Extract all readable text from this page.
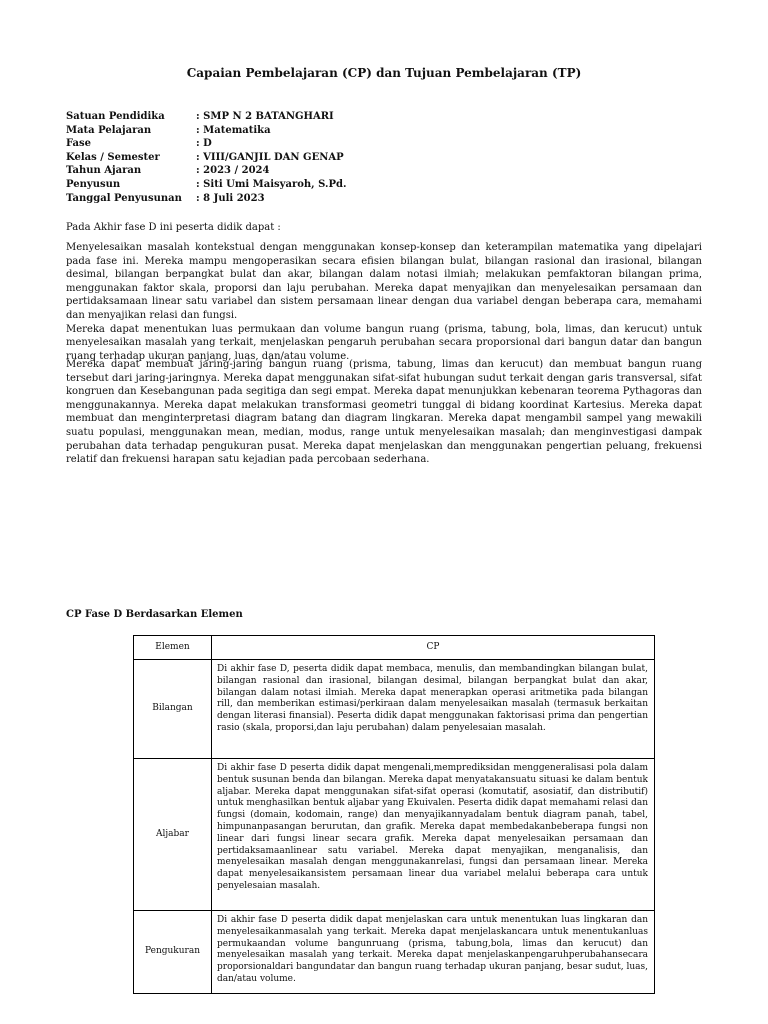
Capaian Pembelajaran (CP) dan Tujuan Pembelajaran (TP)
Satuan Pendidika	: SMP N 2 BATANGHARI
Mata Pelajaran	: Matematika
Fase	: D
Kelas / Semester	: VIII/GANJIL DAN GENAP
Tahun Ajaran	: 2023 / 2024
Penyusun	: Siti Umi Maisyaroh, S.Pd.
Tanggal Penyusunan	: 8 Juli 2023
Pada Akhir fase D ini peserta didik dapat :
Menyelesaikan masalah kontekstual dengan menggunakan konsep-konsep dan keterampilan matematika yang dipelajari pada fase ini. Mereka mampu mengoperasikan secara efisien bilangan bulat, bilangan rasional dan irasional, bilangan desimal, bilangan berpangkat bulat dan akar, bilangan dalam notasi ilmiah; melakukan pemfaktoran bilangan prima, menggunakan faktor skala, proporsi dan laju perubahan. Mereka dapat menyajikan dan menyelesaikan persamaan dan pertidaksamaan linear satu variabel dan sistem persamaan linear dengan dua variabel dengan beberapa cara, memahami dan menyajikan relasi dan fungsi.
Mereka dapat menentukan luas permukaan dan volume bangun ruang (prisma, tabung, bola, limas, dan kerucut) untuk menyelesaikan masalah yang terkait, menjelaskan pengaruh perubahan secara proporsional dari bangun datar dan bangun ruang terhadap ukuran panjang, luas, dan/atau volume.
Mereka dapat membuat jaring-jaring bangun ruang (prisma, tabung, limas dan kerucut) dan membuat bangun ruang tersebut dari jaring-jaringnya. Mereka dapat menggunakan sifat-sifat hubungan sudut terkait dengan garis transversal, sifat kongruen dan Kesebangunan pada segitiga dan segi empat. Mereka dapat menunjukkan kebenaran teorema Pythagoras dan menggunakannya. Mereka dapat melakukan transformasi geometri tunggal di bidang koordinat Kartesius. Mereka dapat membuat dan menginterpretasi diagram batang dan diagram lingkaran. Mereka dapat mengambil sampel yang mewakili suatu populasi, menggunakan mean, median, modus, range untuk menyelesaikan masalah; dan menginvestigasi dampak perubahan data terhadap pengukuran pusat. Mereka dapat menjelaskan dan menggunakan pengertian peluang, frekuensi relatif dan frekuensi harapan satu kejadian pada percobaan sederhana.
CP Fase D Berdasarkan Elemen
Elemen	CP
Bilangan	Di akhir fase D, peserta didik dapat membaca, menulis, dan membandingkan bilangan bulat, bilangan rasional dan irasional, bilangan desimal, bilangan berpangkat bulat dan akar, bilangan dalam notasi ilmiah. Mereka dapat menerapkan operasi aritmetika pada bilangan rill, dan memberikan estimasi/perkiraan dalam menyelesaikan masalah (termasuk berkaitan dengan literasi finansial). Peserta didik dapat menggunakan faktorisasi prima dan pengertian rasio (skala, proporsi,dan laju perubahan) dalam penyelesaian masalah.
Aljabar	Di akhir fase D peserta didik dapat mengenali,memprediksidan menggeneralisasi pola dalam bentuk susunan benda dan bilangan. Mereka dapat menyatakansuatu situasi ke dalam bentuk aljabar. Mereka dapat menggunakan sifat-sifat operasi (komutatif, asosiatif, dan distributif) untuk menghasilkan bentuk aljabar yang Ekuivalen. Peserta didik dapat memahami relasi dan fungsi (domain, kodomain, range) dan menyajikannyadalam bentuk diagram panah, tabel, himpunanpasangan berurutan, dan grafik. Mereka dapat membedakanbeberapa fungsi non linear dari fungsi linear secara grafik. Mereka dapat menyelesaikan persamaan dan pertidaksamaanlinear satu variabel. Mereka dapat menyajikan, menganalisis, dan menyelesaikan masalah dengan menggunakanrelasi, fungsi dan persamaan linear. Mereka dapat menyelesaikansistem persamaan linear dua variabel melalui beberapa cara untuk penyelesaian masalah.
Pengukuran	Di akhir fase D peserta didik dapat menjelaskan cara untuk menentukan luas lingkaran dan menyelesaikanmasalah yang terkait. Mereka dapat menjelaskancara untuk menentukanluas permukaandan volume bangunruang (prisma, tabung,bola, limas dan kerucut) dan menyelesaikan masalah yang terkait. Mereka dapat menjelaskanpengaruhperubahansecara proporsionaldari bangundatar dan bangun ruang terhadap ukuran panjang, besar sudut, luas, dan/atau volume.
